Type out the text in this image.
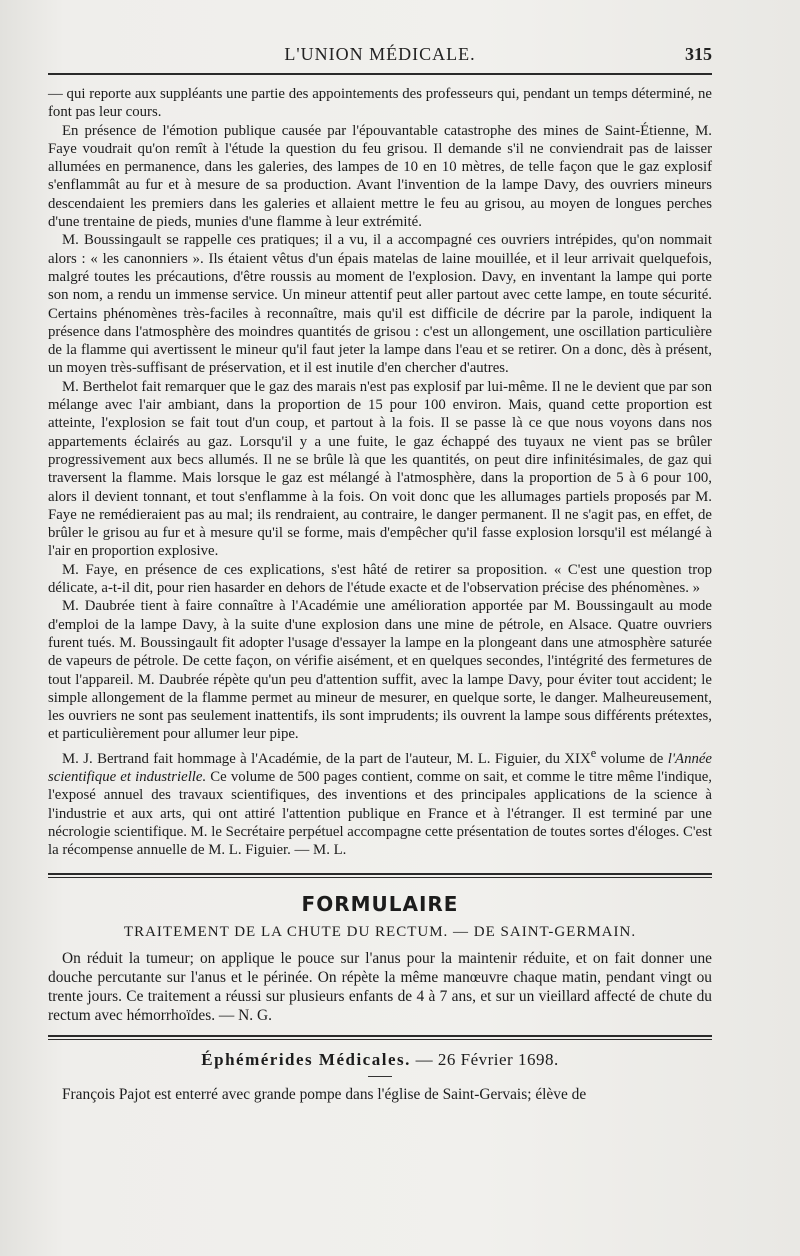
L'UNION MÉDICALE.	315

— qui reporte aux suppléants une partie des appointements des professeurs qui, pendant un temps déterminé, ne font pas leur cours.

En présence de l'émotion publique causée par l'épouvantable catastrophe des mines de Saint-Étienne, M. Faye voudrait qu'on remît à l'étude la question du feu grisou. Il demande s'il ne conviendrait pas de laisser allumées en permanence, dans les galeries, des lampes de 10 en 10 mètres, de telle façon que le gaz explosif s'enflammât au fur et à mesure de sa production. Avant l'invention de la lampe Davy, des ouvriers mineurs descendaient les premiers dans les galeries et allaient mettre le feu au grisou, au moyen de longues perches d'une trentaine de pieds, munies d'une flamme à leur extrémité.

M. Boussingault se rappelle ces pratiques; il a vu, il a accompagné ces ouvriers intrépides, qu'on nommait alors : « les canonniers ». Ils étaient vêtus d'un épais matelas de laine mouillée, et il leur arrivait quelquefois, malgré toutes les précautions, d'être roussis au moment de l'explosion. Davy, en inventant la lampe qui porte son nom, a rendu un immense service. Un mineur attentif peut aller partout avec cette lampe, en toute sécurité. Certains phénomènes très-faciles à reconnaître, mais qu'il est difficile de décrire par la parole, indiquent la présence dans l'atmosphère des moindres quantités de grisou : c'est un allongement, une oscillation particulière de la flamme qui avertissent le mineur qu'il faut jeter la lampe dans l'eau et se retirer. On a donc, dès à présent, un moyen très-suffisant de préservation, et il est inutile d'en chercher d'autres.

M. Berthelot fait remarquer que le gaz des marais n'est pas explosif par lui-même. Il ne le devient que par son mélange avec l'air ambiant, dans la proportion de 15 pour 100 environ. Mais, quand cette proportion est atteinte, l'explosion se fait tout d'un coup, et partout à la fois. Il se passe là ce que nous voyons dans nos appartements éclairés au gaz. Lorsqu'il y a une fuite, le gaz échappé des tuyaux ne vient pas se brûler progressivement aux becs allumés. Il ne se brûle là que les quantités, on peut dire infinitésimales, de gaz qui traversent la flamme. Mais lorsque le gaz est mélangé à l'atmosphère, dans la proportion de 5 à 6 pour 100, alors il devient tonnant, et tout s'enflamme à la fois. On voit donc que les allumages partiels proposés par M. Faye ne remédieraient pas au mal; ils rendraient, au contraire, le danger permanent. Il ne s'agit pas, en effet, de brûler le grisou au fur et à mesure qu'il se forme, mais d'empêcher qu'il fasse explosion lorsqu'il est mélangé à l'air en proportion explosive.

M. Faye, en présence de ces explications, s'est hâté de retirer sa proposition. « C'est une question trop délicate, a-t-il dit, pour rien hasarder en dehors de l'étude exacte et de l'observation précise des phénomènes. »

M. Daubrée tient à faire connaître à l'Académie une amélioration apportée par M. Boussingault au mode d'emploi de la lampe Davy, à la suite d'une explosion dans une mine de pétrole, en Alsace. Quatre ouvriers furent tués. M. Boussingault fit adopter l'usage d'essayer la lampe en la plongeant dans une atmosphère saturée de vapeurs de pétrole. De cette façon, on vérifie aisément, et en quelques secondes, l'intégrité des fermetures de tout l'appareil. M. Daubrée répète qu'un peu d'attention suffit, avec la lampe Davy, pour éviter tout accident; le simple allongement de la flamme permet au mineur de mesurer, en quelque sorte, le danger. Malheureusement, les ouvriers ne sont pas seulement inattentifs, ils sont imprudents; ils ouvrent la lampe sous différents prétextes, et particulièrement pour allumer leur pipe.

M. J. Bertrand fait hommage à l'Académie, de la part de l'auteur, M. L. Figuier, du XIXe volume de l'Année scientifique et industrielle. Ce volume de 500 pages contient, comme on sait, et comme le titre même l'indique, l'exposé annuel des travaux scientifiques, des inventions et des principales applications de la science à l'industrie et aux arts, qui ont attiré l'attention publique en France et à l'étranger. Il est terminé par une nécrologie scientifique. M. le Secrétaire perpétuel accompagne cette présentation de toutes sortes d'éloges. C'est la récompense annuelle de M. L. Figuier. — M. L.

FORMULAIRE
TRAITEMENT DE LA CHUTE DU RECTUM. — DE SAINT-GERMAIN.

On réduit la tumeur; on applique le pouce sur l'anus pour la maintenir réduite, et on fait donner une douche percutante sur l'anus et le périnée. On répète la même manœuvre chaque matin, pendant vingt ou trente jours. Ce traitement a réussi sur plusieurs enfants de 4 à 7 ans, et sur un vieillard affecté de chute du rectum avec hémorrhoïdes. — N. G.

Éphémérides Médicales. — 26 Février 1698.

François Pajot est enterré avec grande pompe dans l'église de Saint-Gervais; élève de
